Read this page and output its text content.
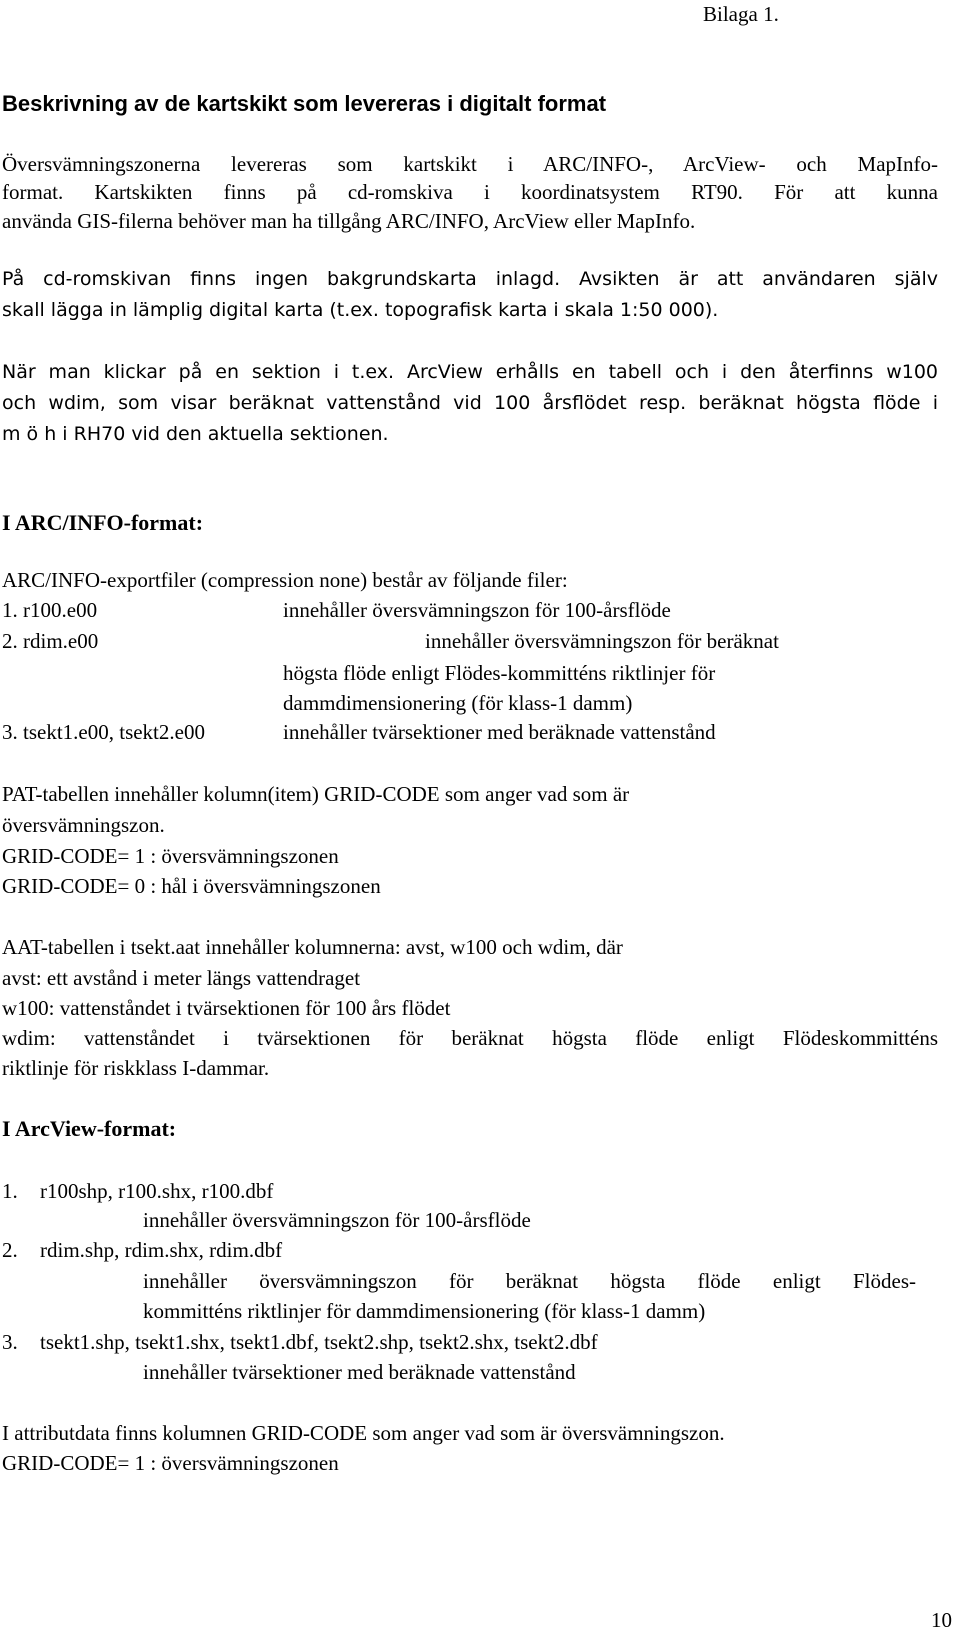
Bilaga 1.
Beskrivning av de kartskikt som levereras i digitalt format
Översvämningszonerna levereras som kartskikt i ARC/INFO-, ArcView- och MapInfo-
format. Kartskikten finns på cd-romskiva i koordinatsystem RT90. För att kunna
använda GIS-filerna behöver man ha tillgång ARC/INFO, ArcView eller MapInfo.
På cd-romskivan finns ingen bakgrundskarta inlagd. Avsikten är att användaren själv
skall lägga in lämplig digital karta (t.ex. topografisk karta i skala 1:50 000).
När man klickar på en sektion i t.ex. ArcView erhålls en tabell och i den återfinns w100
och wdim, som visar beräknat vattenstånd vid 100 årsflödet resp. beräknat högsta flöde i
m ö h i RH70 vid den aktuella sektionen.
I ARC/INFO-format:
ARC/INFO-exportfiler (compression none) består av följande filer:
1. r100.e00	innehåller översvämningszon för 100-årsflöde
2. rdim.e00	innehåller översvämningszon för beräknat
högsta flöde enligt Flödes-kommitténs riktlinjer för
dammdimensionering (för klass-1 damm)
3. tsekt1.e00, tsekt2.e00	innehåller tvärsektioner med beräknade vattenstånd
PAT-tabellen innehåller kolumn(item) GRID-CODE som anger vad som är
översvämningszon.
GRID-CODE= 1 : översvämningszonen
GRID-CODE= 0 : hål i översvämningszonen
AAT-tabellen i tsekt.aat innehåller kolumnerna: avst, w100 och wdim, där
avst: ett avstånd i meter längs vattendraget
w100: vattenståndet i tvärsektionen för 100 års flödet
wdim: vattenståndet i tvärsektionen för beräknat högsta flöde enligt Flödeskommitténs
riktlinje för riskklass I-dammar.
I ArcView-format:
1. r100shp, r100.shx, r100.dbf
innehåller översvämningszon för 100-årsflöde
2. rdim.shp, rdim.shx, rdim.dbf
innehåller översvämningszon för beräknat högsta flöde enligt Flödes-
kommitténs riktlinjer för dammdimensionering (för klass-1 damm)
3. tsekt1.shp, tsekt1.shx, tsekt1.dbf, tsekt2.shp, tsekt2.shx, tsekt2.dbf
innehåller tvärsektioner med beräknade vattenstånd
I attributdata finns kolumnen GRID-CODE som anger vad som är översvämningszon.
GRID-CODE= 1 : översvämningszonen
10
